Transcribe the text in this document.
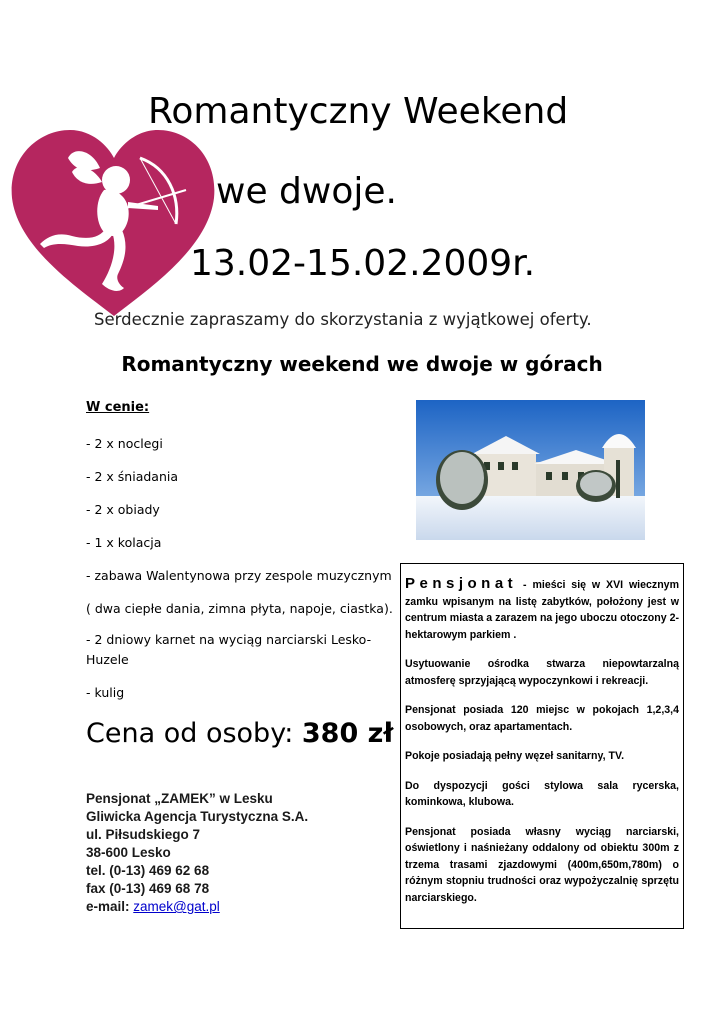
Romantyczny Weekend
we dwoje.
13.02-15.02.2009r.
Serdecznie zapraszamy do skorzystania z wyjątkowej oferty.
Romantyczny weekend we dwoje w górach
W cenie:
- 2 x noclegi
- 2 x śniadania
- 2 x obiady
- 1 x kolacja
- zabawa Walentynowa przy zespole muzycznym
( dwa ciepłe dania, zimna płyta, napoje, ciastka).
- 2 dniowy karnet na wyciąg narciarski Lesko-Huzele
- kulig
Cena od osoby: 380 zł
Pensjonat „ZAMEK” w Lesku
Gliwicka Agencja Turystyczna S.A.
ul. Piłsudskiego 7
38-600 Lesko
tel. (0-13) 469 62 68
fax (0-13) 469 68 78
e-mail: zamek@gat.pl

Pensjonat - mieści się w XVI wiecznym zamku wpisanym na listę zabytków, położony jest w centrum miasta a zarazem na jego uboczu otoczony 2-hektarowym parkiem .

Usytuowanie ośrodka stwarza niepowtarzalną atmosferę sprzyjającą wypoczynkowi i rekreacji.

Pensjonat posiada 120 miejsc w pokojach 1,2,3,4 osobowych, oraz apartamentach.

Pokoje posiadają pełny węzeł sanitarny, TV.

Do dyspozycji gości stylowa sala rycerska, kominkowa, klubowa.

Pensjonat posiada własny wyciąg narciarski, oświetlony i naśnieżany oddalony od obiektu 300m z trzema trasami zjazdowymi (400m,650m,780m) o różnym stopniu trudności oraz wypożyczalnię sprzętu narciarskiego.
